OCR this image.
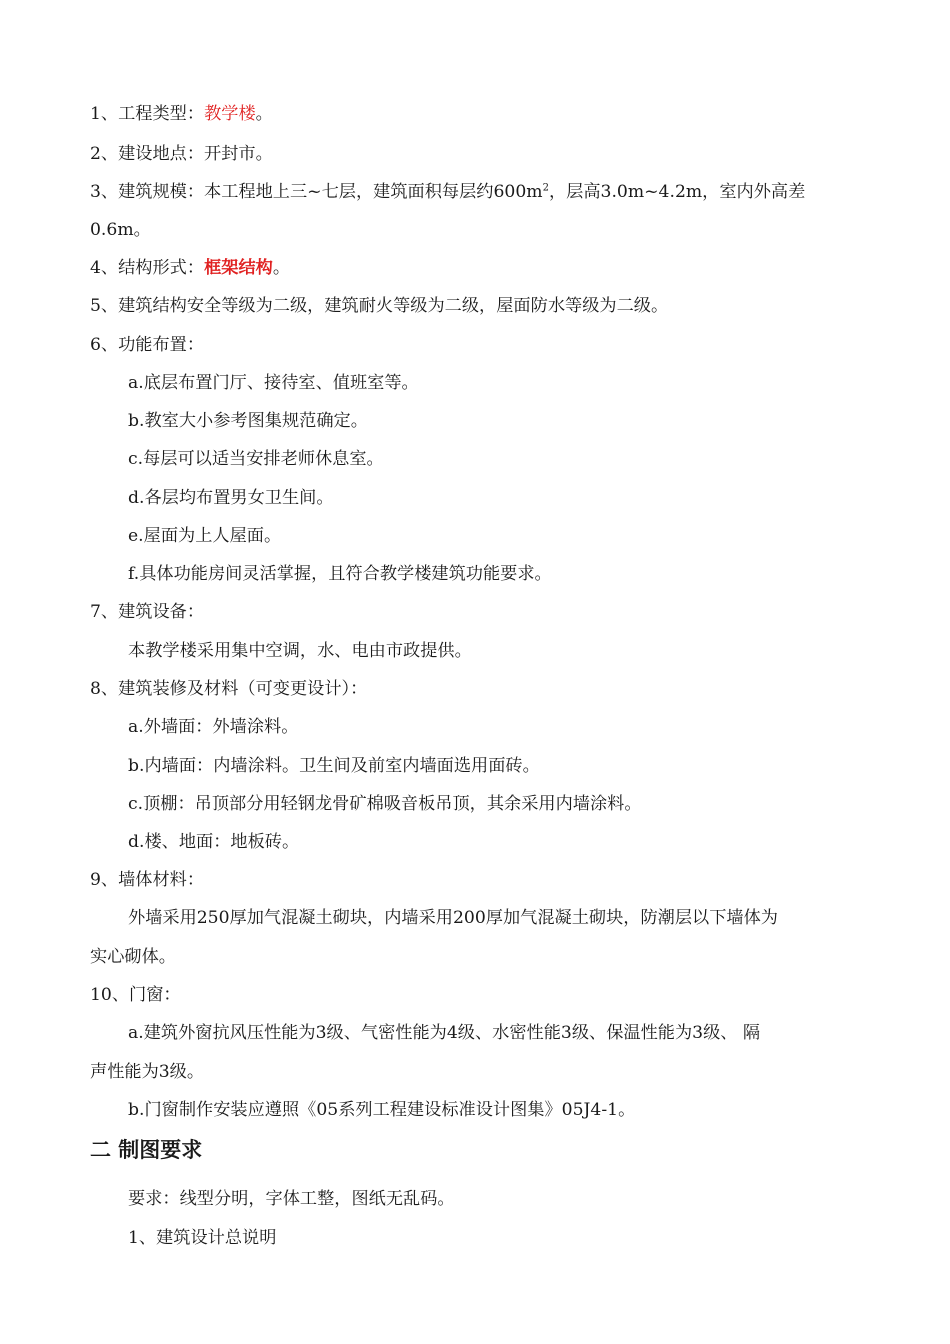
1、工程类型：教学楼。
2、建设地点：开封市。
3、建筑规模：本工程地上三~七层，建筑面积每层约$600m^2$，层高3.0m~4.2m，室内外高差
0.6m。
4、结构形式：框架结构。
5、建筑结构安全等级为二级，建筑耐火等级为二级，屋面防水等级为二级。
6、功能布置：
a.底层布置门厅、接待室、值班室等。
b.教室大小参考图集规范确定。
c.每层可以适当安排老师休息室。
d.各层均布置男女卫生间。
e.屋面为上人屋面。
f.具体功能房间灵活掌握，且符合教学楼建筑功能要求。
7、建筑设备：
本教学楼采用集中空调，水、电由市政提供。
8、建筑装修及材料（可变更设计）：
a.外墙面：外墙涂料。
b.内墙面：内墙涂料。卫生间及前室内墙面选用面砖。
c.顶棚：吊顶部分用轻钢龙骨矿棉吸音板吊顶，其余采用内墙涂料。
d.楼、地面：地板砖。
9、墙体材料：
外墙采用250厚加气混凝土砌块，内墙采用200厚加气混凝土砌块，防潮层以下墙体为
实心砌体。
10、门窗：
a.建筑外窗抗风压性能为3级、气密性能为4级、水密性能3级、保温性能为3级、 隔
声性能为3级。
b.门窗制作安装应遵照《05系列工程建设标准设计图集》05J4-1。
二 制图要求
要求：线型分明，字体工整，图纸无乱码。
1、建筑设计总说明
